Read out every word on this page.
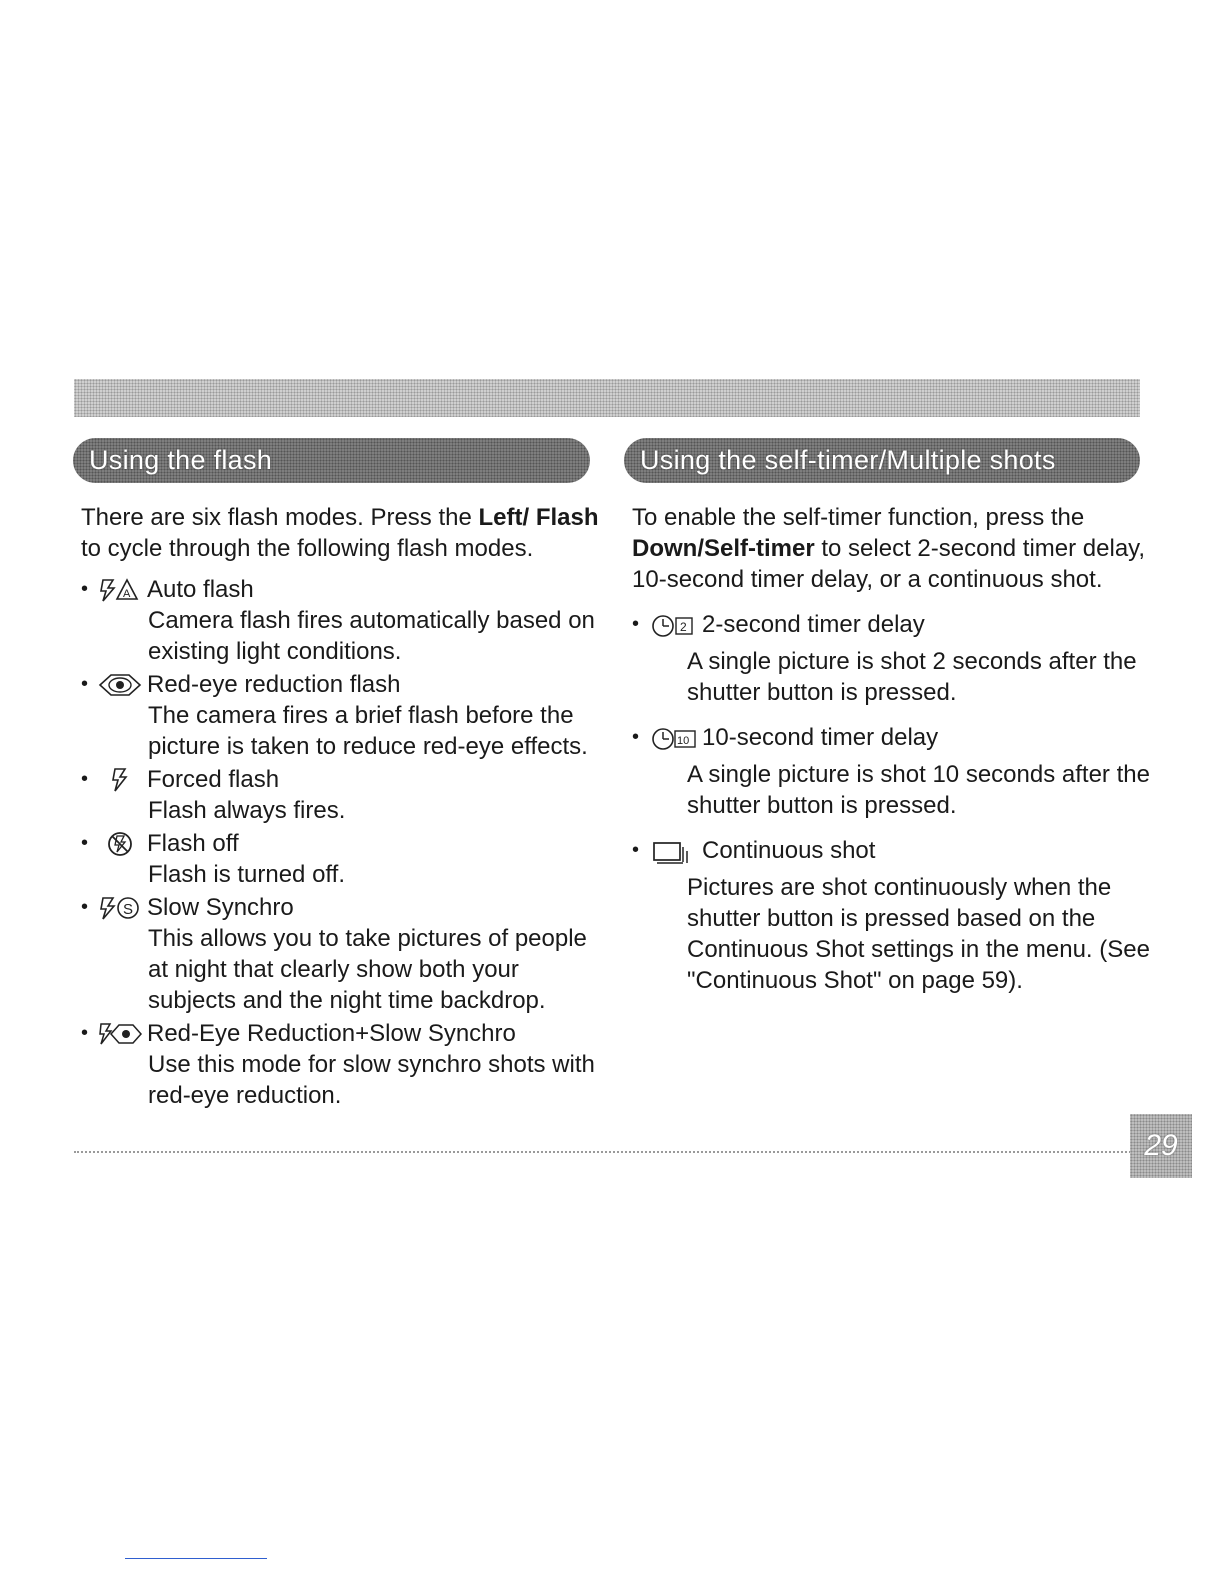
Using the flash	Using the self-timer/Multiple shots

There are six flash modes. Press the Left/ Flash to cycle through the following flash modes.

•	A Auto flash
Camera flash fires automatically based on existing light conditions.
•	Red-eye reduction flash
The camera fires a brief flash before the picture is taken to reduce red-eye effects.
•	Forced flash
Flash always fires.
•	Flash off
Flash is turned off.
•	S Slow Synchro
This allows you to take pictures of people at night that clearly show both your subjects and the night time backdrop.
•	Red-Eye Reduction+Slow Synchro
Use this mode for slow synchro shots with red-eye reduction.

To enable the self-timer function, press the Down/Self-timer to select 2-second timer delay, 10-second timer delay, or a continuous shot.

•	2 2-second timer delay
A single picture is shot 2 seconds after the shutter button is pressed.
•	10 10-second timer delay
A single picture is shot 10 seconds after the shutter button is pressed.
•	Continuous shot
Pictures are shot continuously when the shutter button is pressed based on the Continuous Shot settings in the menu. (See "Continuous Shot" on page 59).
29
